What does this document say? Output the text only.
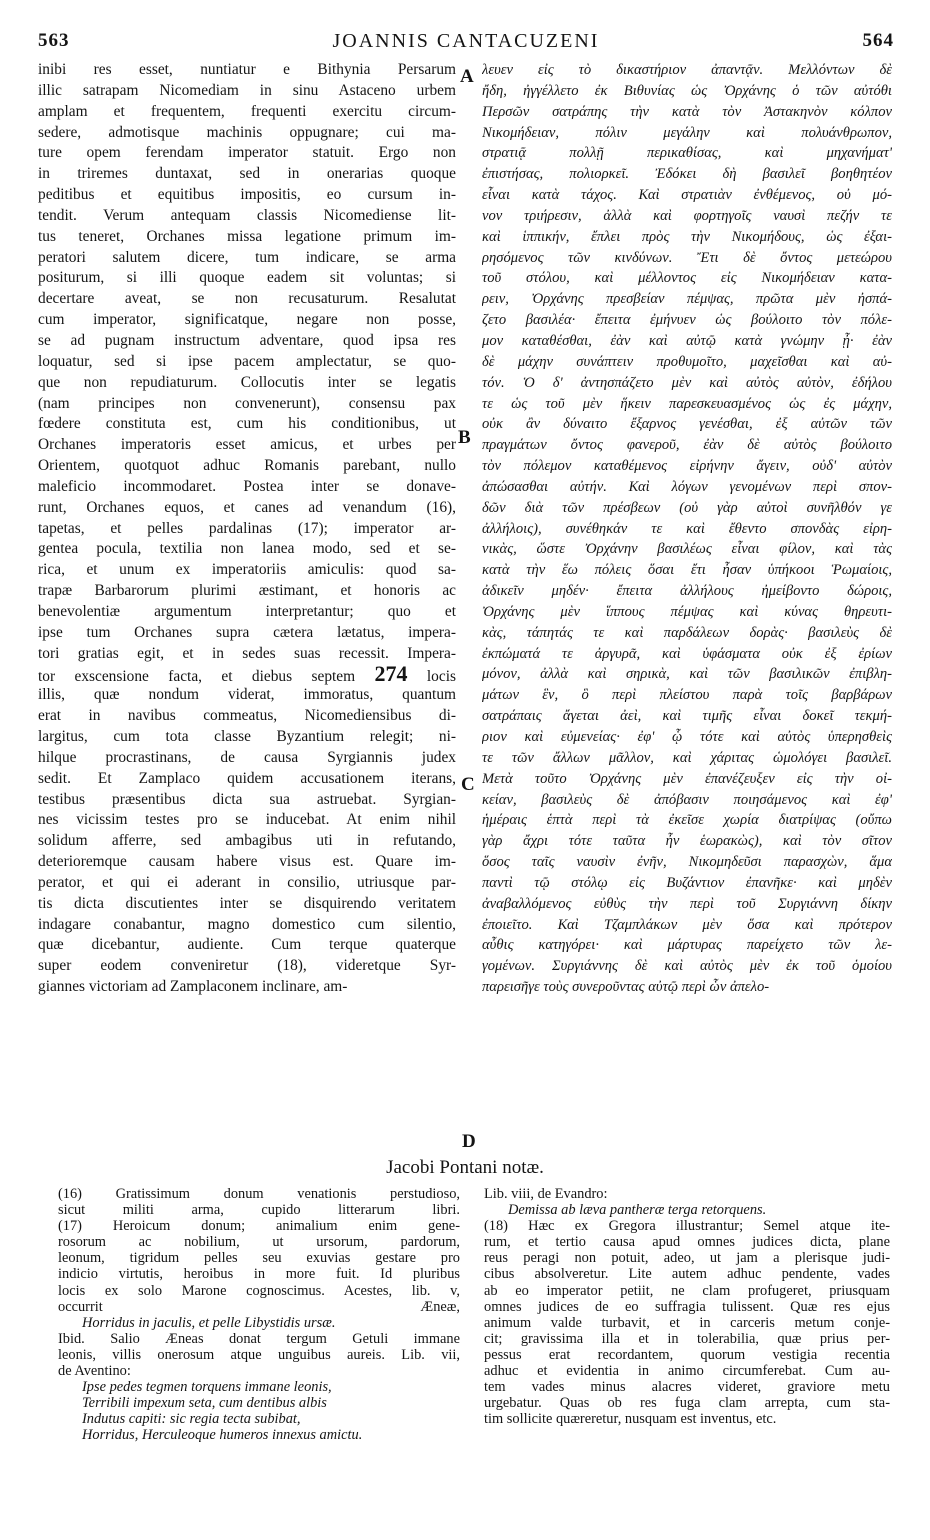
563	JOANNIS CANTACUZENI	564
inibi res esset, nuntiatur e Bithynia Persarum
illic satrapam Nicomediam in sinu Astaceno urbem
amplam et frequentem, frequenti exercitu circum-
sedere, admotisque machinis oppugnare; cui ma-
ture opem ferendam imperator statuit. Ergo non
in triremes duntaxat, sed in onerarias quoque
peditibus et equitibus impositis, eo cursum in-
tendit. Verum antequam classis Nicomediense lit-
tus teneret, Orchanes missa legatione primum im-
peratori salutem dicere, tum indicare, se arma
positurum, si illi quoque eadem sit voluntas; si
decertare aveat, se non recusaturum. Resalutat
cum imperator, significatque, negare non posse,
se ad pugnam instructum adventare, quod ipsa res
loquatur, sed si ipse pacem amplectatur, se quo-
que non repudiaturum. Collocutis inter se legatis
(nam principes non convenerunt), consensu pax
fœdere constituta est, cum his conditionibus, ut
Orchanes imperatoris esset amicus, et urbes per
Orientem, quotquot adhuc Romanis parebant, nullo
maleficio incommodaret. Postea inter se donave-
runt, Orchanes equos, et canes ad venandum (16),
tapetas, et pelles pardalinas (17); imperator ar-
gentea pocula, textilia non lanea modo, sed et se-
rica, et unum ex imperatoriis amiculis: quod sa-
trapæ Barbarorum plurimi æstimant, et honoris ac
benevolentiæ argumentum interpretantur; quo et
ipse tum Orchanes supra cætera lætatus, impera-
tori gratias egit, et in sedes suas recessit. Impera-
tor exscensione facta, et diebus septem 274 locis
illis, quæ nondum viderat, immoratus, quantum
erat in navibus commeatus, Nicomediensibus di-
largitus, cum tota classe Byzantium relegit; ni-
hilque procrastinans, de causa Syrgiannis judex
sedit. Et Zamplaco quidem accusationem iterans,
testibus præsentibus dicta sua astruebat. Syrgian-
nes vicissim testes pro se inducebat. At enim nihil
solidum afferre, sed ambagibus uti in refutando,
deterioremque causam habere visus est. Quare im-
perator, et qui ei aderant in consilio, utriusque par-
tis dicta discutientes inter se disquirendo veritatem
indagare conabantur, magno domestico cum silentio,
quæ dicebantur, audiente. Cum terque quaterque
super eodem conveniretur (18), videretque Syr-
giannes victoriam ad Zamplaconem inclinare, am-
λευεν εἰς τὸ δικαστήριον ἀπαντᾷν. Μελλόντων δὲ
ἤδη, ἠγγέλλετο ἐκ Βιθυνίας ὡς Ὀρχάνης ὁ τῶν αὐτόθι
Περσῶν σατράπης τὴν κατὰ τὸν Ἀστακηνὸν κόλπον
Νικομήδειαν, πόλιν μεγάλην καὶ πολυάνθρωπον,
στρατιᾷ πολλῇ περικαθίσας, καὶ μηχανήματ'
ἐπιστήσας, πολιορκεῖ. Ἐδόκει δὴ βασιλεῖ βοηθητέον
εἶναι κατὰ τάχος. Καὶ στρατιὰν ἐνθέμενος, οὐ μό-
νον τριήρεσιν, ἀλλὰ καὶ φορτηγοῖς ναυσὶ πεζήν τε
καὶ ἱππικήν, ἔπλει πρὸς τὴν Νικομήδους, ὡς ἐξαι-
ρησόμενος τῶν κινδύνων. Ἔτι δὲ ὄντος μετεώρου
τοῦ στόλου, καὶ μέλλοντος εἰς Νικομήδειαν κατα-
ρειν, Ὀρχάνης πρεσβείαν πέμψας, πρῶτα μὲν ἠσπά-
ζετο βασιλέα· ἔπειτα ἐμήνυεν ὡς βούλοιτο τὸν πόλε-
μον καταθέσθαι, ἐὰν καὶ αὐτῷ κατὰ γνώμην ᾖ· ἐὰν
δὲ μάχην συνάπτειν προθυμοῖτο, μαχεῖσθαι καὶ αὐ-
τόν. Ὁ δ' ἀντησπάζετο μὲν καὶ αὐτὸς αὐτὸν, ἐδήλου
τε ὡς τοῦ μὲν ἥκειν παρεσκευασμένος ὡς ἐς μάχην,
οὐκ ἂν δύναιτο ἔξαρνος γενέσθαι, ἐξ αὐτῶν τῶν
πραγμάτων ὄντος φανεροῦ, ἐὰν δὲ αὐτὸς βούλοιτο
τὸν πόλεμον καταθέμενος εἰρήνην ἄγειν, οὐδ' αὐτὸν
ἀπώσασθαι αὐτήν. Καὶ λόγων γενομένων περὶ σπον-
δῶν διὰ τῶν πρέσβεων (οὐ γὰρ αὐτοὶ συνῆλθόν γε
ἀλλήλοις), συνέθηκάν τε καὶ ἔθεντο σπονδὰς εἰρη-
νικὰς, ὥστε Ὀρχάνην βασιλέως εἶναι φίλον, καὶ τὰς
κατὰ τὴν ἕω πόλεις ὅσαι ἔτι ἦσαν ὑπήκοοι Ῥωμαίοις,
ἀδικεῖν μηδέν· ἔπειτα ἀλλήλους ἠμείβοντο δώροις,
Ὀρχάνης μὲν ἵππους πέμψας καὶ κύνας θηρευτι-
κὰς, τάπητάς τε καὶ παρδάλεων δορὰς· βασιλεὺς δὲ
ἐκπώματά τε ἀργυρᾶ, καὶ ὑφάσματα οὐκ ἐξ ἐρίων
μόνον, ἀλλὰ καὶ σηρικὰ, καὶ τῶν βασιλικῶν ἐπιβλη-
μάτων ἓν, ὃ περὶ πλείστου παρὰ τοῖς βαρβάρων
σατράπαις ἄγεται ἀεὶ, καὶ τιμῆς εἶναι δοκεῖ τεκμή-
ριον καὶ εὐμενείας· ἐφ' ᾧ τότε καὶ αὐτὸς ὑπερησθεὶς
τε τῶν ἄλλων μᾶλλον, καὶ χάριτας ὡμολόγει βασιλεῖ.
Μετὰ τοῦτο Ὀρχάνης μὲν ἐπανέζευξεν εἰς τὴν οἰ-
κείαν, βασιλεὺς δὲ ἀπόβασιν ποιησάμενος καὶ ἐφ'
ἡμέραις ἑπτὰ περὶ τὰ ἐκεῖσε χωρία διατρίψας (οὔπω
γὰρ ἄχρι τότε ταῦτα ἦν ἑωρακὼς), καὶ τὸν σῖτον
ὅσος ταῖς ναυσὶν ἐνῆν, Νικομηδεῦσι παρασχὼν, ἅμα
παντὶ τῷ στόλῳ εἰς Βυζάντιον ἐπανῆκε· καὶ μηδὲν
ἀναβαλλόμενος εὐθὺς τὴν περὶ τοῦ Συργιάννη δίκην
ἐποιεῖτο. Καὶ Τζαμπλάκων μὲν ὅσα καὶ πρότερον
αὖθις κατηγόρει· καὶ μάρτυρας παρείχετο τῶν λε-
γομένων. Συργιάννης δὲ καὶ αὐτὸς μὲν ἐκ τοῦ ὁμοίου
παρεισῆγε τοὺς συνεροῦντας αὐτῷ περὶ ὧν ἀπελο-
A
B
C
D
Jacobi Pontani notæ.
(16) Gratissimum donum venationis perstudioso,
sicut militi arma, cupido litterarum libri.
(17) Heroicum donum; animalium enim gene-
rosorum ac nobilium, ut ursorum, pardorum,
leonum, tigridum pelles seu exuvias gestare pro
indicio virtutis, heroibus in more fuit. Id pluribus
locis ex solo Marone cognoscimus. Acestes, lib. v,
occurrit Æneæ,
Horridus in jaculis, et pelle Libystidis ursæ.
Ibid. Salio Æneas donat tergum Getuli immane
leonis, villis onerosum atque unguibus aureis. Lib. vii,
de Aventino:
Ipse pedes tegmen torquens immane leonis,
Terribili impexum seta, cum dentibus albis
Indutus capiti: sic regia tecta subibat,
Horridus, Herculeoque humeros innexus amictu.
Lib. viii, de Evandro:
Demissa ab læva pantheræ terga retorquens.
(18) Hæc ex Gregora illustrantur; Semel atque ite-
rum, et tertio causa apud omnes judices dicta, plane
reus peragi non potuit, adeo, ut jam a plerisque judi-
cibus absolveretur. Lite autem adhuc pendente, vades
ab eo imperator petiit, ne clam profugeret, priusquam
omnes judices de eo suffragia tulissent. Quæ res ejus
animum valde turbavit, et in carceris metum conje-
cit; gravissima illa et in tolerabilia, quæ prius per-
pessus erat recordantem, quorum vestigia recentia
adhuc et evidentia in animo circumferebat. Cum au-
tem vades minus alacres videret, graviore metu
urgebatur. Quas ob res fuga clam arrepta, cum sta-
tim sollicite quæreretur, nusquam est inventus, etc.
